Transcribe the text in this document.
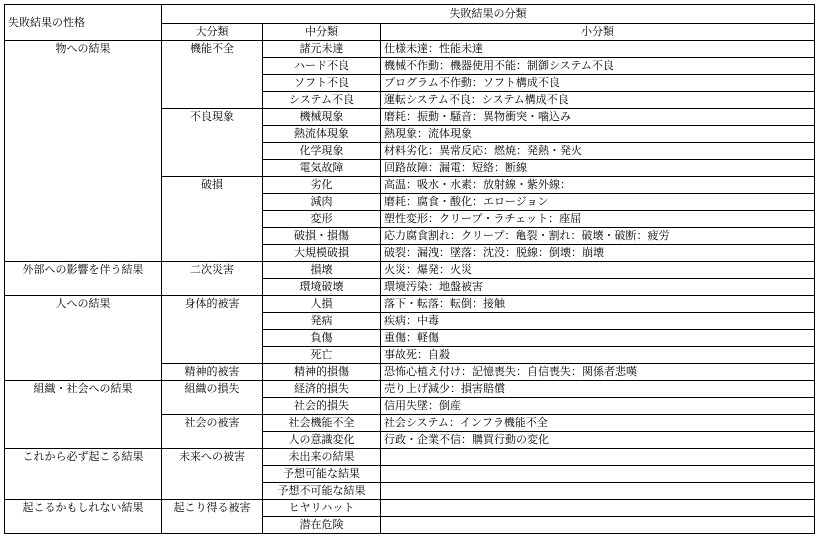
失敗結果の性格	失敗結果の分類		
	大分類	中分類	小分類
物への結果	機能不全	諸元未達	仕様未達：性能未達
		ハード不良	機械不作動：機器使用不能：制御システム不良
		ソフト不良	プログラム不作動：ソフト構成不良
		システム不良	運転システム不良：システム構成不良
	不良現象	機械現象	磨耗：振動・騒音：異物衝突・噛込み
		熱流体現象	熱現象：流体現象
		化学現象	材料劣化：異常反応：燃焼：発熱・発火
		電気故障	回路故障：漏電：短絡：断線
	破損	劣化	高温：吸水・水素：放射線・紫外線：
		減肉	磨耗：腐食・酸化：エロージョン
		変形	塑性変形：クリープ・ラチェット：座屈
		破損・損傷	応力腐食割れ：クリープ：亀裂・割れ：破壊・破断：疲労
		大規模破損	破裂：漏洩：墜落：沈没：脱線：倒壊：崩壊
外部への影響を伴う結果	二次災害	損壊	火災：爆発：火災
		環境破壊	環境汚染：地盤被害
人への結果	身体的被害	人損	落下・転落：転倒：接触
		発病	疾病：中毒
		負傷	重傷：軽傷
		死亡	事故死：自殺
	精神的被害	精神的損傷	恐怖心植え付け：記憶喪失：自信喪失：関係者悲嘆
組織・社会への結果	組織の損失	経済的損失	売り上げ減少：損害賠償
		社会的損失	信用失墜：倒産
	社会の被害	社会機能不全	社会システム：インフラ機能不全
		人の意識変化	行政・企業不信：購買行動の変化
これから必ず起こる結果	未来への被害	未出来の結果	
		予想可能な結果	
		予想不可能な結果	
起こるかもしれない結果	起こり得る被害	ヒヤリハット	
		潜在危険	
